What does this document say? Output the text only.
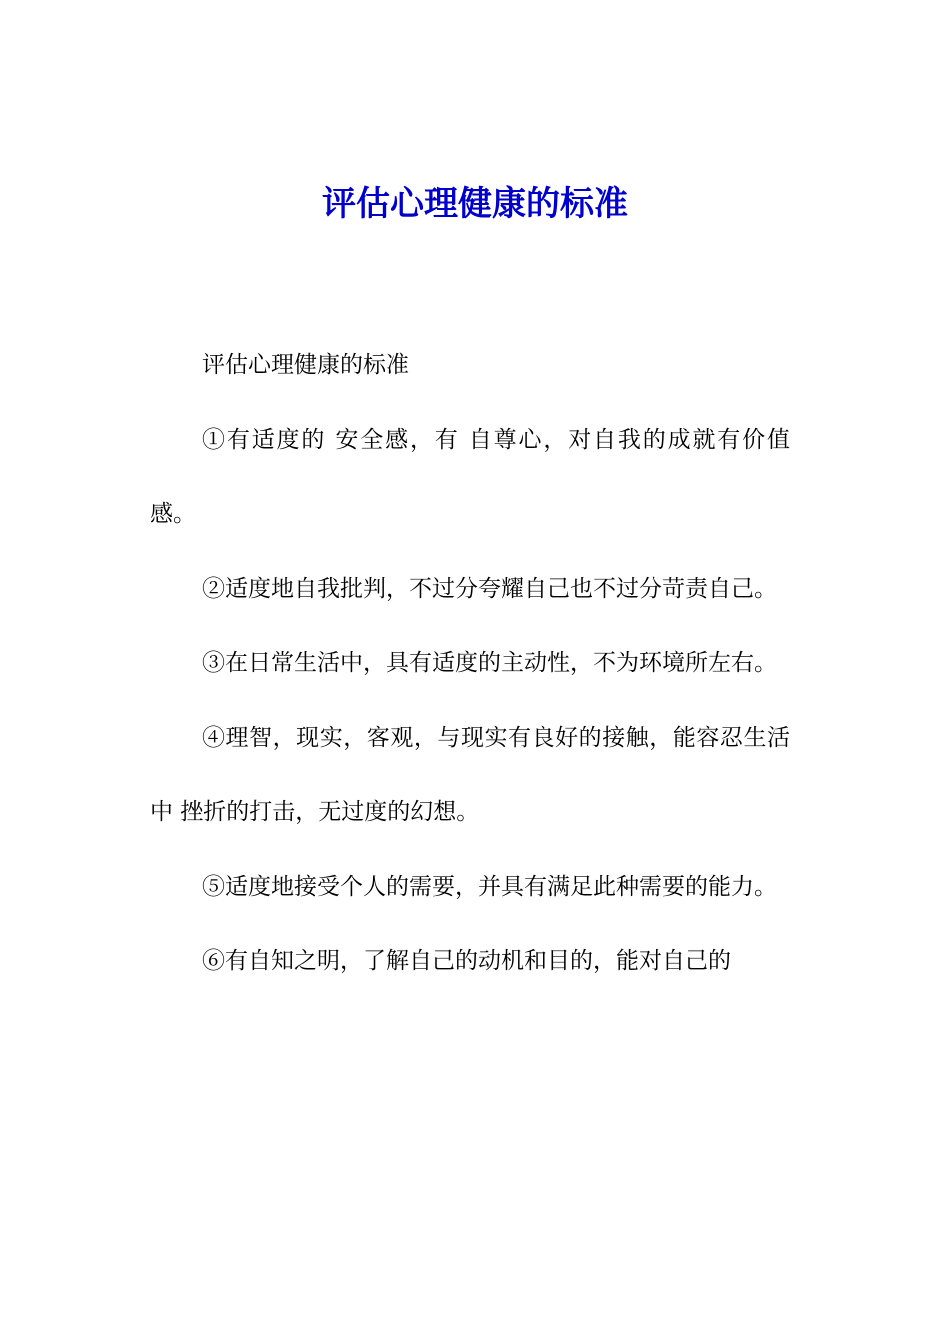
评估心理健康的标准

评估心理健康的标准

①有适度的 安全感，有 自尊心，对自我的成就有价值感。

②适度地自我批判，不过分夸耀自己也不过分苛责自己。

③在日常生活中，具有适度的主动性，不为环境所左右。

④理智，现实，客观，与现实有良好的接触，能容忍生活中 挫折的打击，无过度的幻想。

⑤适度地接受个人的需要，并具有满足此种需要的能力。

⑥有自知之明，了解自己的动机和目的，能对自己的
